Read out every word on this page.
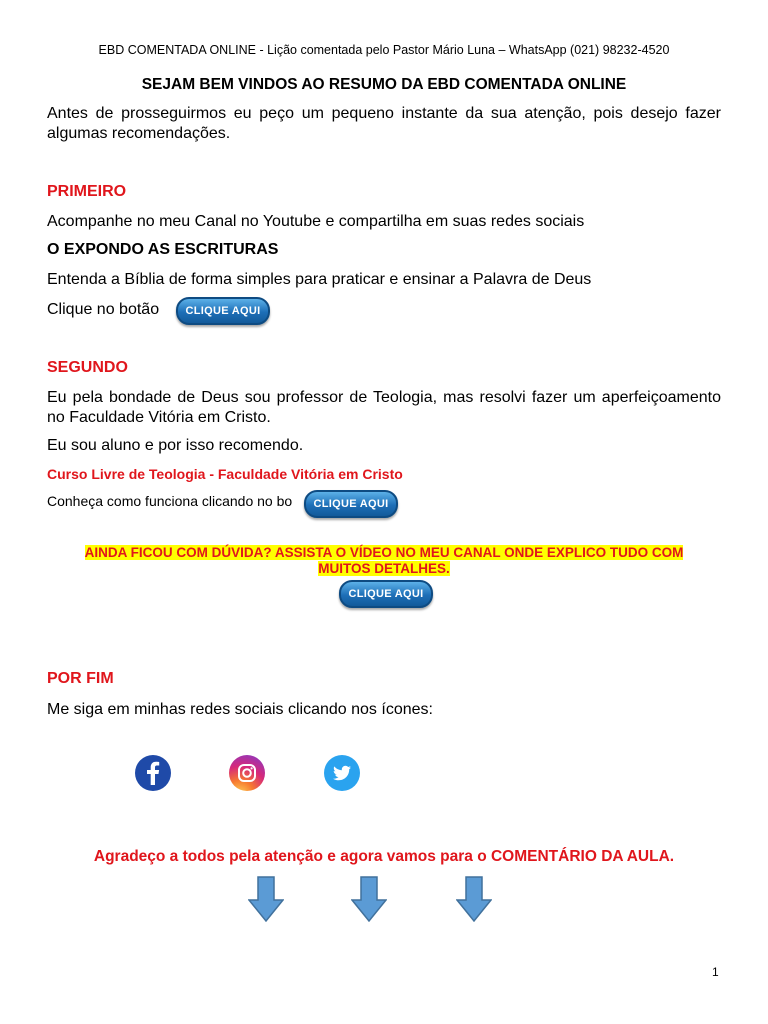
EBD COMENTADA ONLINE - Lição comentada pelo Pastor Mário Luna – WhatsApp (021) 98232-4520
SEJAM BEM VINDOS AO RESUMO DA EBD COMENTADA ONLINE
Antes de prosseguirmos eu peço um pequeno instante da sua atenção, pois desejo fazer algumas recomendações.
PRIMEIRO
Acompanhe no meu Canal no Youtube e compartilha em suas redes sociais
O EXPONDO AS ESCRITURAS
Entenda a Bíblia de forma simples para praticar e ensinar a Palavra de Deus
Clique no botão	CLIQUE AQUI
SEGUNDO
Eu pela bondade de Deus sou professor de Teologia, mas resolvi fazer um aperfeiçoamento no Faculdade Vitória em Cristo.
Eu sou aluno e por isso recomendo.
Curso Livre de Teologia - Faculdade Vitória em Cristo
Conheça como funciona clicando no bo	CLIQUE AQUI
AINDA FICOU COM DÚVIDA? ASSISTA O VÍDEO NO MEU CANAL ONDE EXPLICO TUDO COM
MUITOS DETALHES.
CLIQUE AQUI
POR FIM
Me siga em minhas redes sociais clicando nos ícones:
Agradeço a todos pela atenção e agora vamos para o COMENTÁRIO DA AULA.
1
